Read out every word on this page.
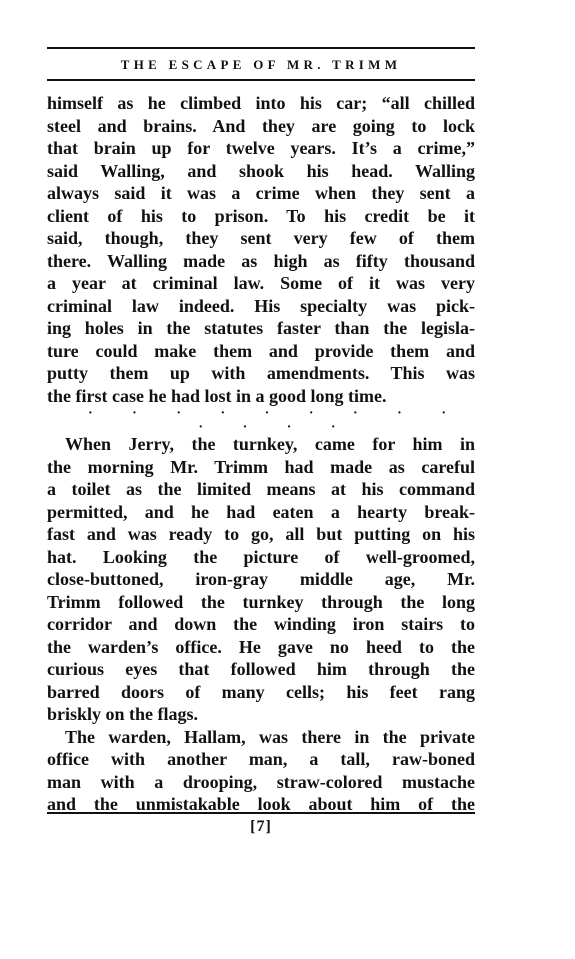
THE ESCAPE OF MR. TRIMM
himself as he climbed into his car; “all chilled
steel and brains. And they are going to lock
that brain up for twelve years. It’s a crime,”
said Walling, and shook his head. Walling
always said it was a crime when they sent a
client of his to prison. To his credit be it
said, though, they sent very few of them
there. Walling made as high as fifty thousand
a year at criminal law. Some of it was very
criminal law indeed. His specialty was pick-
ing holes in the statutes faster than the legisla-
ture could make them and provide them and
putty them up with amendments. This was
the first case he had lost in a good long time.
· · · · · · · · · · · · ·
When Jerry, the turnkey, came for him in
the morning Mr. Trimm had made as careful
a toilet as the limited means at his command
permitted, and he had eaten a hearty break-
fast and was ready to go, all but putting on his
hat. Looking the picture of well-groomed,
close-buttoned, iron-gray middle age, Mr.
Trimm followed the turnkey through the long
corridor and down the winding iron stairs to
the warden’s office. He gave no heed to the
curious eyes that followed him through the
barred doors of many cells; his feet rang
briskly on the flags.
The warden, Hallam, was there in the private
office with another man, a tall, raw-boned
man with a drooping, straw-colored mustache
and the unmistakable look about him of the
[7]
